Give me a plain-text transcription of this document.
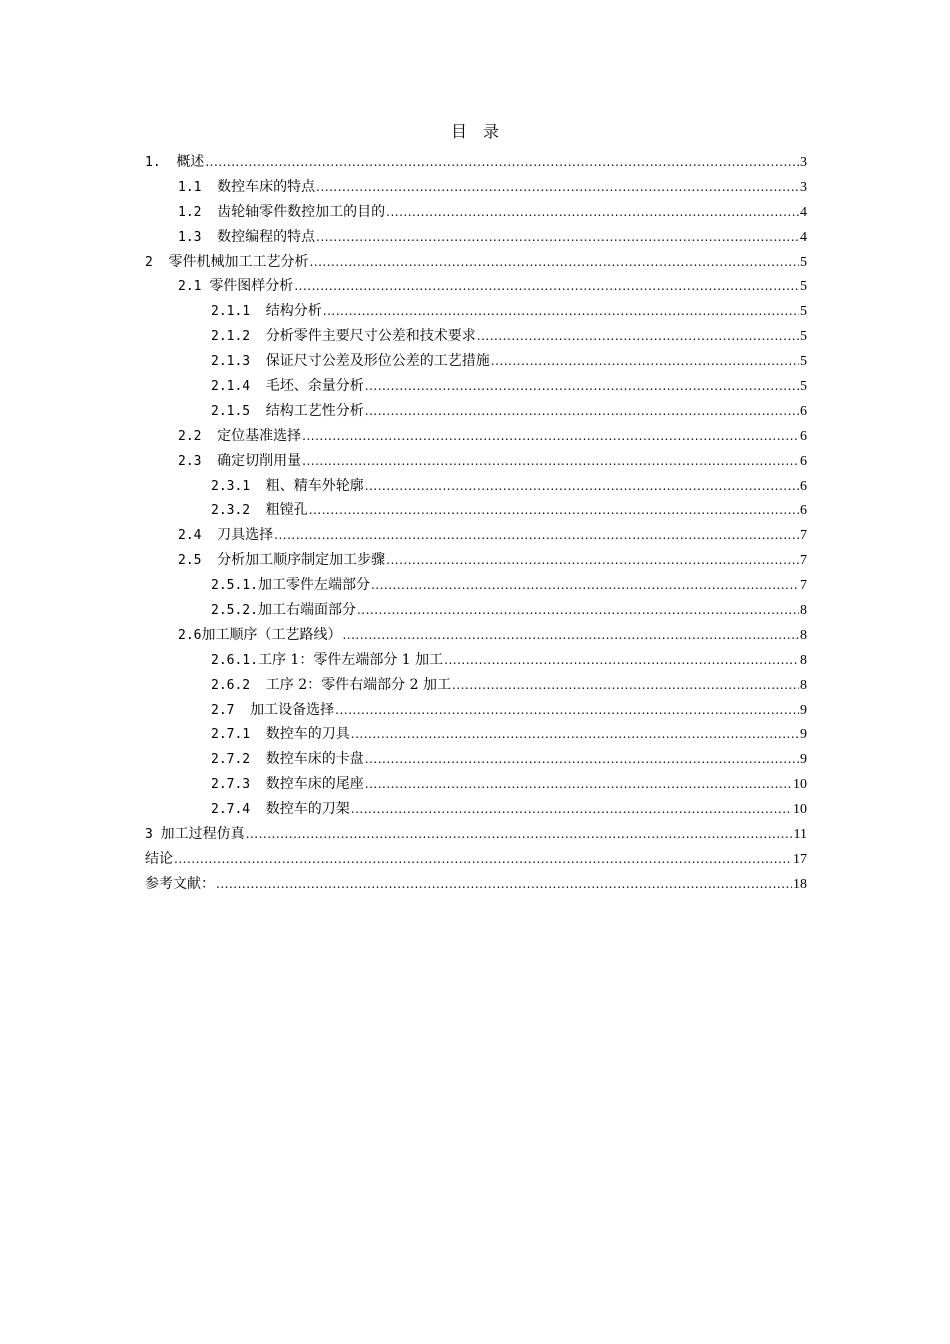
目 录
1. 概述 .....	3
1.1 数控车床的特点 .....	3
1.2 齿轮轴零件数控加工的目的 .....	4
1.3 数控编程的特点 .....	4
2 零件机械加工工艺分析 .....	5
2.1 零件图样分析 .....	5
2.1.1 结构分析 .....	5
2.1.2 分析零件主要尺寸公差和技术要求 .....	5
2.1.3 保证尺寸公差及形位公差的工艺措施 .....	5
2.1.4 毛坯、余量分析 .....	5
2.1.5 结构工艺性分析 .....	6
2.2 定位基准选择 .....	6
2.3 确定切削用量 .....	6
2.3.1 粗、精车外轮廓 .....	6
2.3.2 粗镗孔 .....	6
2.4 刀具选择 .....	7
2.5 分析加工顺序制定加工步骤 .....	7
2.5.1. 加工零件左端部分 .....	7
2.5.2. 加工右端面部分 .....	8
2.6 加工顺序（工艺路线） .....	8
2.6.1. 工序 1：零件左端部分 1 加工 .....	8
2.6.2 工序 2：零件右端部分 2 加工 .....	8
2.7 加工设备选择 .....	9
2.7.1 数控车的刀具 .....	9
2.7.2 数控车床的卡盘 .....	9
2.7.3 数控车床的尾座 .....	10
2.7.4 数控车的刀架 .....	10
3 加工过程仿真 .....	11
结论 .....	17
参考文献： .....	18
